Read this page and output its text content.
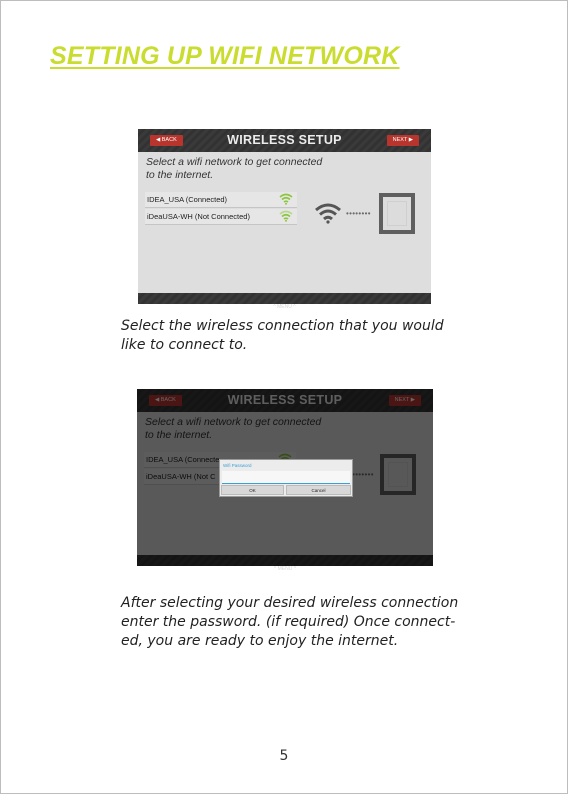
SETTING UP WIFI NETWORK
◀ BACK	WIRELESS SETUP	NEXT ▶
Select a wifi network to get connected
to the internet.
IDEA_USA (Connected)
iDeaUSA-WH (Not Connected)	••••••••
^ MENU ^
Select the wireless connection that you would
like to connect to.
^ MENU ^
Wifi Password
OK	Cancel
After selecting your desired wireless connection
enter the password. (if required) Once connect-
ed, you are ready to enjoy the internet.
5
